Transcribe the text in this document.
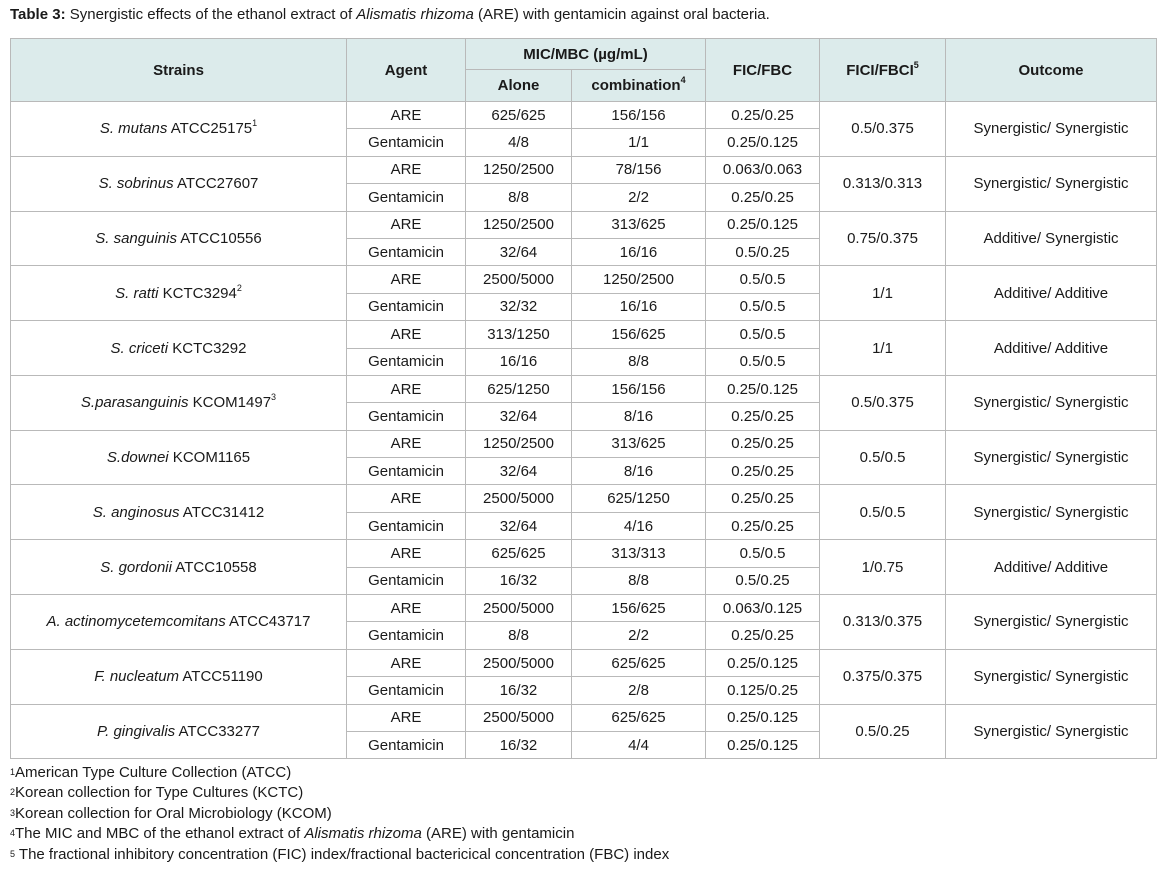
Table 3: Synergistic effects of the ethanol extract of Alismatis rhizoma (ARE) with gentamicin against oral bacteria.
Strains	Agent	MIC/MBC (µg/mL)		FIC/FBC	FICI/FBCI$^5$	Outcome
		Alone	combination$^4$
S. mutans ATCC25175$^1$	ARE	625/625	156/156	0.25/0.25	0.5/0.375	Synergistic/ Synergistic
	Gentamicin	4/8	1/1	0.25/0.125		
S. sobrinus ATCC27607	ARE	1250/2500	78/156	0.063/0.063	0.313/0.313	Synergistic/ Synergistic
	Gentamicin	8/8	2/2	0.25/0.25		
S. sanguinis ATCC10556	ARE	1250/2500	313/625	0.25/0.125	0.75/0.375	Additive/ Synergistic
	Gentamicin	32/64	16/16	0.5/0.25		
S. ratti KCTC3294$^2$	ARE	2500/5000	1250/2500	0.5/0.5	1/1	Additive/ Additive
	Gentamicin	32/32	16/16	0.5/0.5		
S. criceti KCTC3292	ARE	313/1250	156/625	0.5/0.5	1/1	Additive/ Additive
	Gentamicin	16/16	8/8	0.5/0.5		
S.parasanguinis KCOM1497$^3$	ARE	625/1250	156/156	0.25/0.125	0.5/0.375	Synergistic/ Synergistic
	Gentamicin	32/64	8/16	0.25/0.25		
S.downei KCOM1165	ARE	1250/2500	313/625	0.25/0.25	0.5/0.5	Synergistic/ Synergistic
	Gentamicin	32/64	8/16	0.25/0.25		
S. anginosus ATCC31412	ARE	2500/5000	625/1250	0.25/0.25	0.5/0.5	Synergistic/ Synergistic
	Gentamicin	32/64	4/16	0.25/0.25		
S. gordonii ATCC10558	ARE	625/625	313/313	0.5/0.5	1/0.75	Additive/ Additive
	Gentamicin	16/32	8/8	0.5/0.25		
A. actinomycetemcomitans ATCC43717	ARE	2500/5000	156/625	0.063/0.125	0.313/0.375	Synergistic/ Synergistic
	Gentamicin	8/8	2/2	0.25/0.25		
F. nucleatum ATCC51190	ARE	2500/5000	625/625	0.25/0.125	0.375/0.375	Synergistic/ Synergistic
	Gentamicin	16/32	2/8	0.125/0.25		
P. gingivalis ATCC33277	ARE	2500/5000	625/625	0.25/0.125	0.5/0.25	Synergistic/ Synergistic
	Gentamicin	16/32	4/4	0.25/0.125		
$^1$American Type Culture Collection (ATCC)
$^2$Korean collection for Type Cultures (KCTC)
$^3$Korean collection for Oral Microbiology (KCOM)
$^4$The MIC and MBC of the ethanol extract of Alismatis rhizoma (ARE) with gentamicin
$^5$ The fractional inhibitory concentration (FIC) index/fractional bactericical concentration (FBC) index
